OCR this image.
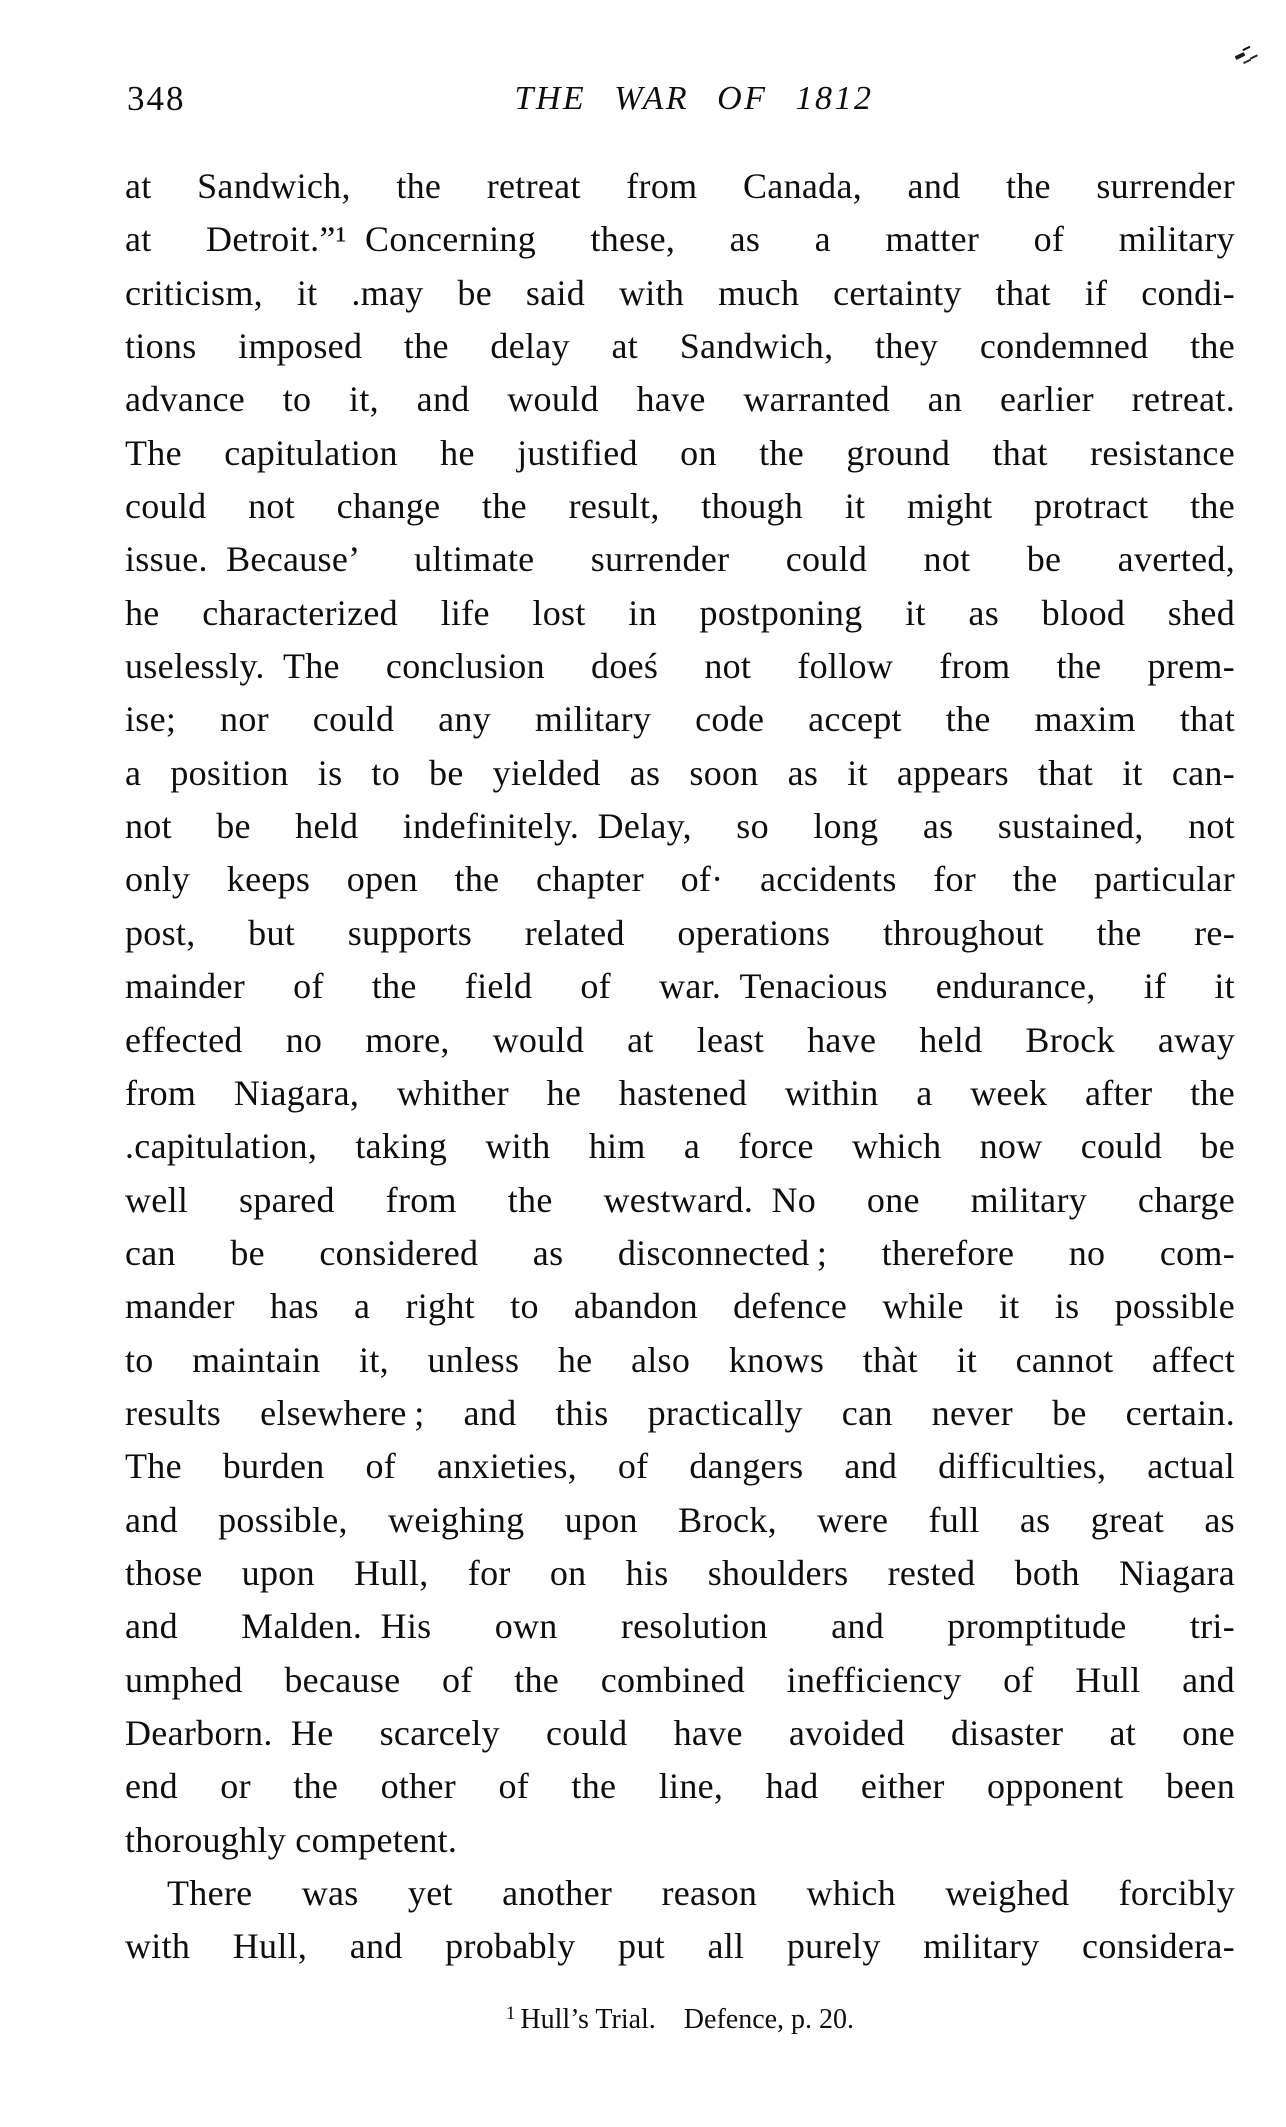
348	THE WAR OF 1812
at Sandwich, the retreat from Canada, and the surrender
at Detroit.”¹ Concerning these, as a matter of military
criticism, it .may be said with much certainty that if condi-
tions imposed the delay at Sandwich, they condemned the
advance to it, and would have warranted an earlier retreat.
The capitulation he justified on the ground that resistance
could not change the result, though it might protract the
issue. Because’ ultimate surrender could not be averted,
he characterized life lost in postponing it as blood shed
uselessly. The conclusion doeś not follow from the prem-
ise; nor could any military code accept the maxim that
a position is to be yielded as soon as it appears that it can-
not be held indefinitely. Delay, so long as sustained, not
only keeps open the chapter of· accidents for the particular
post, but supports related operations throughout the re-
mainder of the field of war. Tenacious endurance, if it
effected no more, would at least have held Brock away
from Niagara, whither he hastened within a week after the
.capitulation, taking with him a force which now could be
well spared from the westward. No one military charge
can be considered as disconnected ; therefore no com-
mander has a right to abandon defence while it is possible
to maintain it, unless he also knows thàt it cannot affect
results elsewhere ; and this practically can never be certain.
The burden of anxieties, of dangers and difficulties, actual
and possible, weighing upon Brock, were full as great as
those upon Hull, for on his shoulders rested both Niagara
and Malden. His own resolution and promptitude tri-
umphed because of the combined inefficiency of Hull and
Dearborn. He scarcely could have avoided disaster at one
end or the other of the line, had either opponent been
thoroughly competent.
There was yet another reason which weighed forcibly
with Hull, and probably put all purely military considera-
$^1$ Hull’s Trial. Defence, p. 20.
